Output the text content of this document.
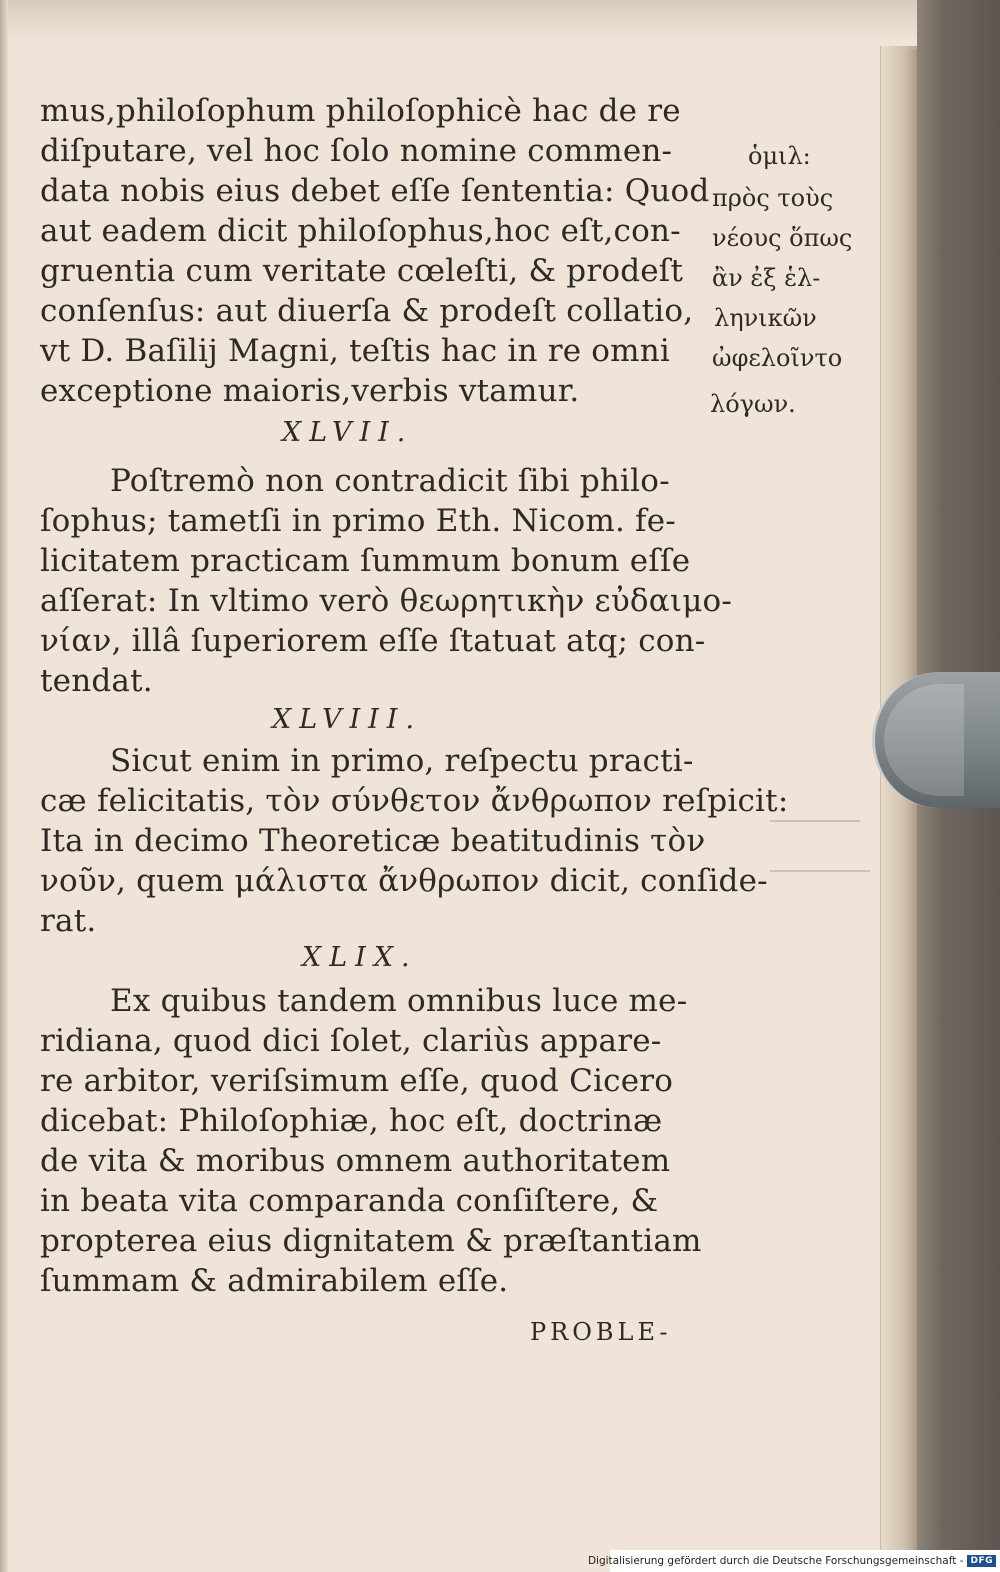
mus,philoſophum philoſophicè hac de re
diſputare, vel hoc ſolo nomine commen-
data nobis eius debet eſſe ſententia: Quod
aut eadem dicit philoſophus,hoc eſt,con-
gruentia cum veritate cœleſti, & prodeſt
conſenſus: aut diuerſa & prodeſt collatio,
vt D. Baſilij Magni, teſtis hac in re omni
exceptione maioris,verbis vtamur.
XLVII.
Poſtremò non contradicit ſibi philo-
ſophus; tametſi in primo Eth. Nicom. fe-
licitatem practicam ſummum bonum eſſe
aſſerat: In vltimo verò θεωρητικὴν εὐδαιμο-
νίαν, illâ ſuperiorem eſſe ſtatuat atq; con-
tendat.
XLVIII.
Sicut enim in primo, reſpectu practi-
cæ felicitatis, τὸν σύνθετον ἄνθρωπον reſpicit:
Ita in decimo Theoreticæ beatitudinis τὸν
νοῦν, quem μάλιστα ἄνθρωπον dicit, conſide-
rat.
XLIX.
Ex quibus tandem omnibus luce me-
ridiana, quod dici ſolet, clariùs appare-
re arbitor, veriſsimum eſſe, quod Cicero
dicebat: Philoſophiæ, hoc eſt, doctrinæ
de vita & moribus omnem authoritatem
in beata vita comparanda conſiſtere, &
propterea eius dignitatem & præſtantiam
ſummam & admirabilem eſſe.
ὁμιλ:
πρὸς τοὺς
νέους ὅπως
ἂν ἐξ ἑλ-
ληνικῶν
ὠφελοῖντο
λόγων.
PROBLE-
Digitalisierung gefördert durch die Deutsche Forschungsgemeinschaft - DFG
